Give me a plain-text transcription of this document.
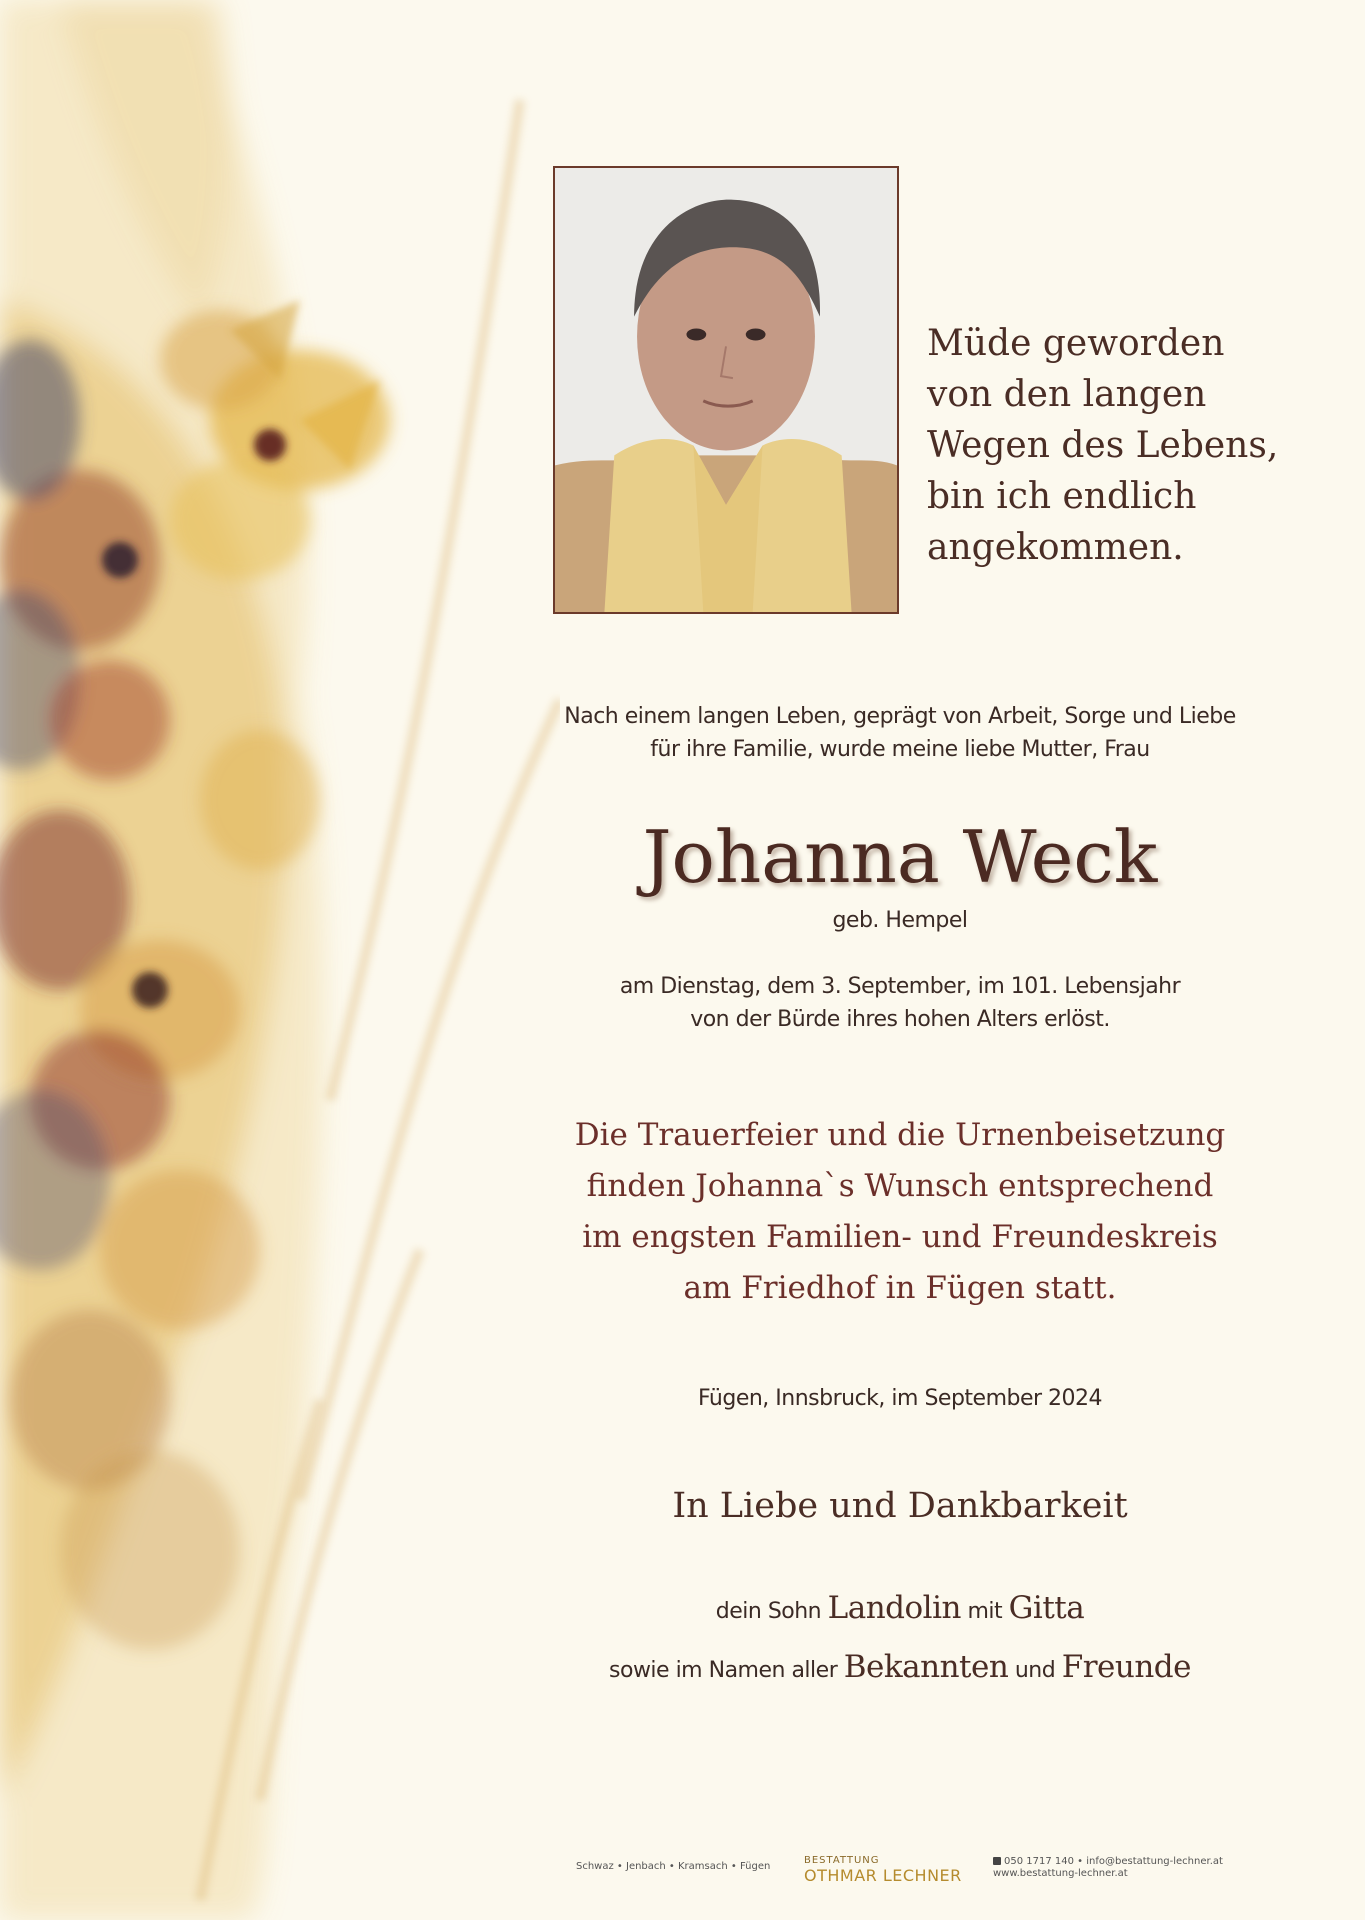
Müde geworden
von den langen
Wegen des Lebens,
bin ich endlich
angekommen.
Nach einem langen Leben, geprägt von Arbeit, Sorge und Liebe
für ihre Familie, wurde meine liebe Mutter, Frau
Johanna Weck
geb. Hempel
am Dienstag, dem 3. September, im 101. Lebensjahr
von der Bürde ihres hohen Alters erlöst.
Die Trauerfeier und die Urnenbeisetzung
finden Johanna`s Wunsch entsprechend
im engsten Familien- und Freundeskreis
am Friedhof in Fügen statt.
Fügen, Innsbruck, im September 2024
In Liebe und Dankbarkeit
dein Sohn Landolin mit Gitta
sowie im Namen aller Bekannten und Freunde
Schwaz • Jenbach • Kramsach • Fügen
BESTATTUNG
OTHMAR LECHNER
050 1717 140 • info@bestattung-lechner.at
www.bestattung-lechner.at
